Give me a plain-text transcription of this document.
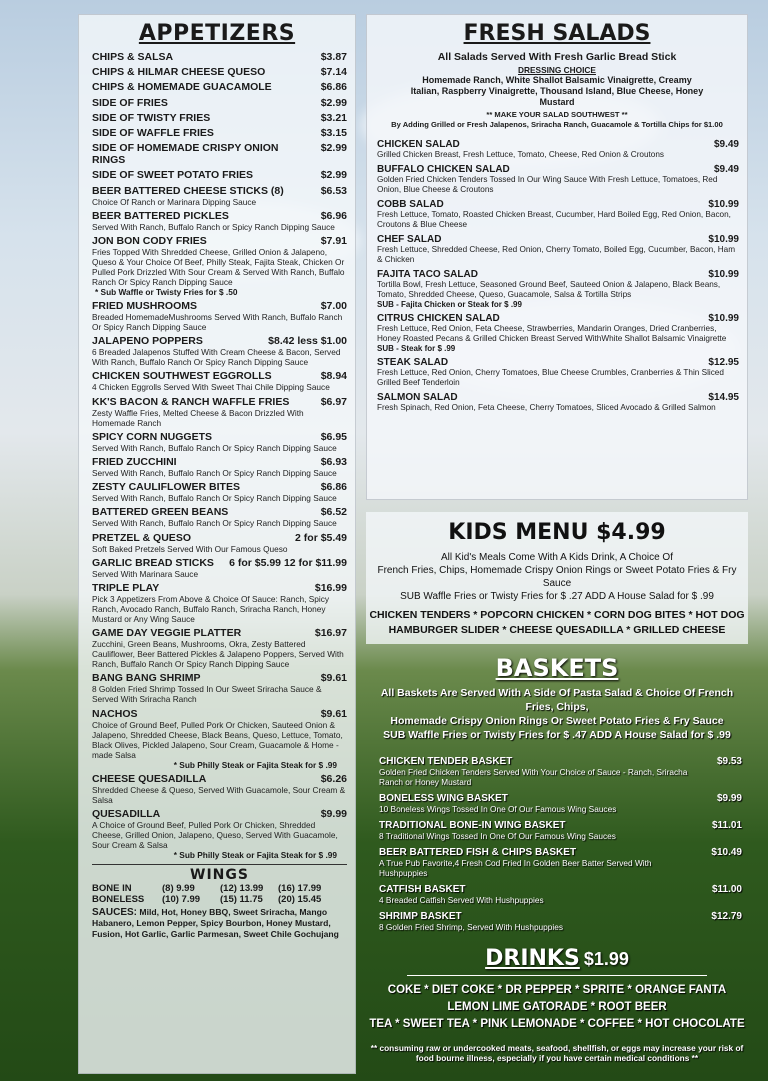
APPETIZERS
CHIPS & SALSA	$3.87
CHIPS & HILMAR CHEESE QUESO	$7.14
CHIPS & HOMEMADE GUACAMOLE	$6.86
SIDE OF FRIES	$2.99
SIDE OF TWISTY FRIES	$3.21
SIDE OF WAFFLE FRIES	$3.15
SIDE OF HOMEMADE CRISPY ONION RINGS
$2.99
SIDE OF SWEET POTATO FRIES	$2.99
BEER BATTERED CHEESE STICKS (8)	$6.53
Choice Of Ranch or Marinara Dipping Sauce
BEER BATTERED PICKLES	$6.96
Served With Ranch, Buffalo Ranch or Spicy Ranch Dipping Sauce
JON BON CODY FRIES	$7.91
Fries Topped With Shredded Cheese, Grilled Onion & Jalapeno, Queso & Your Choice Of Beef, Philly Steak, Fajita Steak, Chicken Or Pulled Pork Drizzled With Sour Cream & Served With Ranch, Buffalo Ranch Or Spicy Ranch Dipping Sauce
* Sub Waffle or Twisty Fries for $ .50
FRIED MUSHROOMS	$7.00
Breaded HomemadeMushrooms Served With Ranch, Buffalo Ranch Or Spicy Ranch Dipping Sauce
JALAPENO POPPERS	$8.42 less $1.00
6 Breaded Jalapenos Stuffed With Cream Cheese & Bacon, Served With Ranch, Buffalo Ranch Or Spicy Ranch Dipping Sauce
CHICKEN SOUTHWEST EGGROLLS	$8.94
4 Chicken Eggrolls Served With Sweet Thai Chile Dipping Sauce
KK'S BACON & RANCH WAFFLE FRIES	$6.97
Zesty Waffle Fries, Melted Cheese & Bacon Drizzled With Homemade Ranch
SPICY CORN NUGGETS	$6.95
Served With Ranch, Buffalo Ranch Or Spicy Ranch Dipping Sauce
FRIED ZUCCHINI	$6.93
Served With Ranch, Buffalo Ranch Or Spicy Ranch Dipping Sauce
ZESTY CAULIFLOWER BITES	$6.86
Served With Ranch, Buffalo Ranch Or Spicy Ranch Dipping Sauce
BATTERED GREEN BEANS	$6.52
Served With Ranch, Buffalo Ranch Or Spicy Ranch Dipping Sauce
PRETZEL & QUESO	2 for $5.49
Soft Baked Pretzels Served With Our Famous Queso
GARLIC BREAD STICKS	6 for $5.99 12 for $11.99
Served With Marinara Sauce
TRIPLE PLAY	$16.99
Pick 3 Appetizers From Above & Choice Of Sauce: Ranch, Spicy Ranch, Avocado Ranch, Buffalo Ranch, Sriracha Ranch, Honey Mustard or Any Wing Sauce
GAME DAY VEGGIE PLATTER	$16.97
Zucchini, Green Beans, Mushrooms, Okra, Zesty Battered Cauliflower, Beer Battered Pickles & Jalapeno Poppers, Served With Ranch, Buffalo Ranch Or Spicy Ranch Dipping Sauce
BANG BANG SHRIMP	$9.61
8 Golden Fried Shrimp Tossed In Our Sweet Sriracha Sauce & Served With Sriracha Ranch
NACHOS	$9.61
Choice of Ground Beef, Pulled Pork Or Chicken, Sauteed Onion & Jalapeno, Shredded Cheese, Black Beans, Queso, Lettuce, Tomato, Black Olives, Pickled Jalapeno, Sour Cream, Guacamole & Home -made Salsa
* Sub Philly Steak or Fajita Steak for $ .99
CHEESE QUESADILLA	$6.26
Shredded Cheese & Queso, Served With Guacamole, Sour Cream & Salsa
QUESADILLA	$9.99
A Choice of Ground Beef, Pulled Pork Or Chicken, Shredded Cheese, Grilled Onion, Jalapeno, Queso, Served With Guacamole, Sour Cream & Salsa
* Sub Philly Steak or Fajita Steak for $ .99
WINGS
BONE IN	(8) 9.99	(12) 13.99	(16) 17.99
BONELESS	(10) 7.99	(15) 11.75	(20) 15.45
SAUCES: Mild, Hot, Honey BBQ, Sweet Sriracha, Mango Habanero, Lemon Pepper, Spicy Bourbon, Honey Mustard, Fusion, Hot Garlic, Garlic Parmesan, Sweet Chile Gochujang
FRESH SALADS
All Salads Served With Fresh Garlic Bread Stick
DRESSING CHOICE
Homemade Ranch, White Shallot Balsamic Vinaigrette, Creamy Italian, Raspberry Vinaigrette, Thousand Island, Blue Cheese, Honey Mustard
** MAKE YOUR SALAD SOUTHWEST **
By Adding Grilled or Fresh Jalapenos, Sriracha Ranch, Guacamole & Tortilla Chips for $1.00
CHICKEN SALAD	$9.49
Grilled Chicken Breast, Fresh Lettuce, Tomato, Cheese, Red Onion & Croutons
BUFFALO CHICKEN SALAD	$9.49
Golden Fried Chicken Tenders Tossed In Our Wing Sauce With Fresh Lettuce, Tomatoes, Red Onion, Blue Cheese & Croutons
COBB SALAD	$10.99
Fresh Lettuce, Tomato, Roasted Chicken Breast, Cucumber, Hard Boiled Egg, Red Onion, Bacon, Croutons & Blue Cheese
CHEF SALAD	$10.99
Fresh Lettuce, Shredded Cheese, Red Onion, Cherry Tomato, Boiled Egg, Cucumber, Bacon, Ham & Chicken
FAJITA TACO SALAD	$10.99
Tortilla Bowl, Fresh Lettuce, Seasoned Ground Beef, Sauteed Onion & Jalapeno, Black Beans, Tomato, Shredded Cheese, Queso, Guacamole, Salsa & Tortilla Strips
SUB - Fajita Chicken or Steak for $ .99
CITRUS CHICKEN SALAD	$10.99
Fresh Lettuce, Red Onion, Feta Cheese, Strawberries, Mandarin Oranges, Dried Cranberries, Honey Roasted Pecans & Grilled Chicken Breast Served WithWhite Shallot Balsamic Vinaigrette
SUB - Steak for $ .99
STEAK SALAD	$12.95
Fresh Lettuce, Red Onion, Cherry Tomatoes, Blue Cheese Crumbles, Cranberries & Thin Sliced Grilled Beef Tenderloin
SALMON SALAD	$14.95
Fresh Spinach, Red Onion, Feta Cheese, Cherry Tomatoes, Sliced Avocado & Grilled Salmon
KIDS MENU $4.99
All Kid's Meals Come With A Kids Drink, A Choice Of
French Fries, Chips, Homemade Crispy Onion Rings or Sweet Potato Fries & Fry Sauce
SUB Waffle Fries or Twisty Fries for $ .27 ADD A House Salad for $ .99
CHICKEN TENDERS * POPCORN CHICKEN * CORN DOG BITES * HOT DOG
HAMBURGER SLIDER * CHEESE QUESADILLA * GRILLED CHEESE
BASKETS
All Baskets Are Served With A Side Of Pasta Salad & Choice Of French Fries, Chips,
Homemade Crispy Onion Rings Or Sweet Potato Fries & Fry Sauce
SUB Waffle Fries or Twisty Fries for $ .47 ADD A House Salad for $ .99
CHICKEN TENDER BASKET	$9.53
Golden Fried Chicken Tenders Served With Your Choice of Sauce - Ranch, Sriracha Ranch or Honey Mustard
BONELESS WING BASKET	$9.99
10 Boneless Wings Tossed In One Of Our Famous Wing Sauces
TRADITIONAL BONE-IN WING BASKET	$11.01
8 Traditional Wings Tossed In One Of Our Famous Wing Sauces
BEER BATTERED FISH & CHIPS BASKET	$10.49
A True Pub Favorite,4 Fresh Cod Fried In Golden Beer Batter Served With Hushpuppies
CATFISH BASKET	$11.00
4 Breaded Catfish Served With Hushpuppies
SHRIMP BASKET	$12.79
8 Golden Fried Shrimp, Served With Hushpuppies
DRINKS $1.99
COKE * DIET COKE * DR PEPPER * SPRITE * ORANGE FANTA
LEMON LIME GATORADE * ROOT BEER
TEA * SWEET TEA * PINK LEMONADE * COFFEE * HOT CHOCOLATE
** consuming raw or undercooked meats, seafood, shellfish, or eggs may increase your risk of food bourne illness, especially if you have certain medical conditions **
